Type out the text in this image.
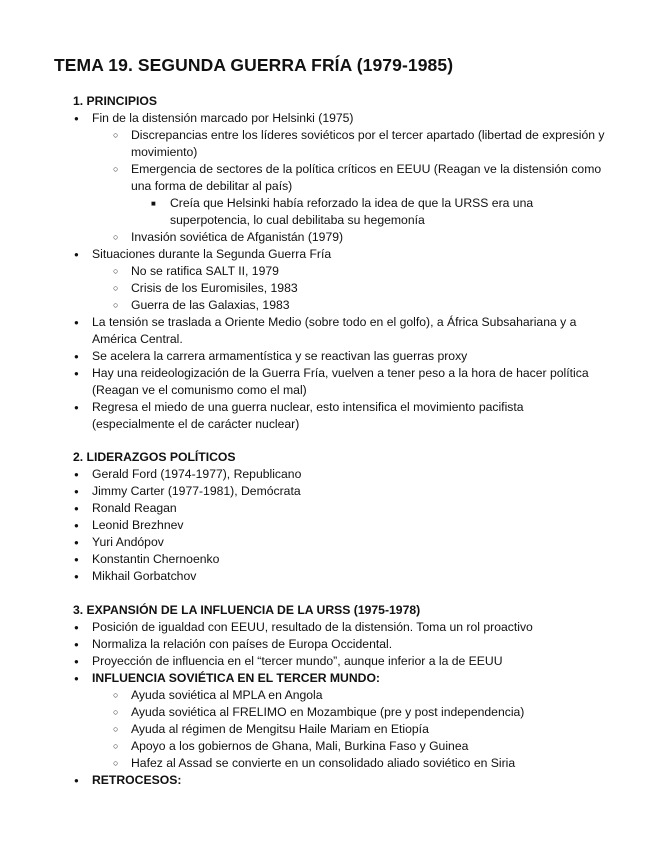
TEMA 19. SEGUNDA GUERRA FRÍA (1979-1985)
1. PRINCIPIOS
● Fin de la distensión marcado por Helsinki (1975)
○ Discrepancias entre los líderes soviéticos por el tercer apartado (libertad de expresión y movimiento)
○ Emergencia de sectores de la política críticos en EEUU (Reagan ve la distensión como una forma de debilitar al país)
■ Creía que Helsinki había reforzado la idea de que la URSS era una superpotencia, lo cual debilitaba su hegemonía
○ Invasión soviética de Afganistán (1979)
● Situaciones durante la Segunda Guerra Fría
○ No se ratifica SALT II, 1979
○ Crisis de los Euromisiles, 1983
○ Guerra de las Galaxias, 1983
● La tensión se traslada a Oriente Medio (sobre todo en el golfo), a África Subsahariana y a América Central.
● Se acelera la carrera armamentística y se reactivan las guerras proxy
● Hay una reideologización de la Guerra Fría, vuelven a tener peso a la hora de hacer política (Reagan ve el comunismo como el mal)
● Regresa el miedo de una guerra nuclear, esto intensifica el movimiento pacifista (especialmente el de carácter nuclear)
2. LIDERAZGOS POLÍTICOS
● Gerald Ford (1974-1977), Republicano
● Jimmy Carter (1977-1981), Demócrata
● Ronald Reagan
● Leonid Brezhnev
● Yuri Andópov
● Konstantin Chernoenko
● Mikhail Gorbatchov
3. EXPANSIÓN DE LA INFLUENCIA DE LA URSS (1975-1978)
● Posición de igualdad con EEUU, resultado de la distensión. Toma un rol proactivo
● Normaliza la relación con países de Europa Occidental.
● Proyección de influencia en el “tercer mundo”, aunque inferior a la de EEUU
● INFLUENCIA SOVIÉTICA EN EL TERCER MUNDO:
○ Ayuda soviética al MPLA en Angola
○ Ayuda soviética al FRELIMO en Mozambique (pre y post independencia)
○ Ayuda al régimen de Mengitsu Haile Mariam en Etiopía
○ Apoyo a los gobiernos de Ghana, Mali, Burkina Faso y Guinea
○ Hafez al Assad se convierte en un consolidado aliado soviético en Siria
● RETROCESOS:
